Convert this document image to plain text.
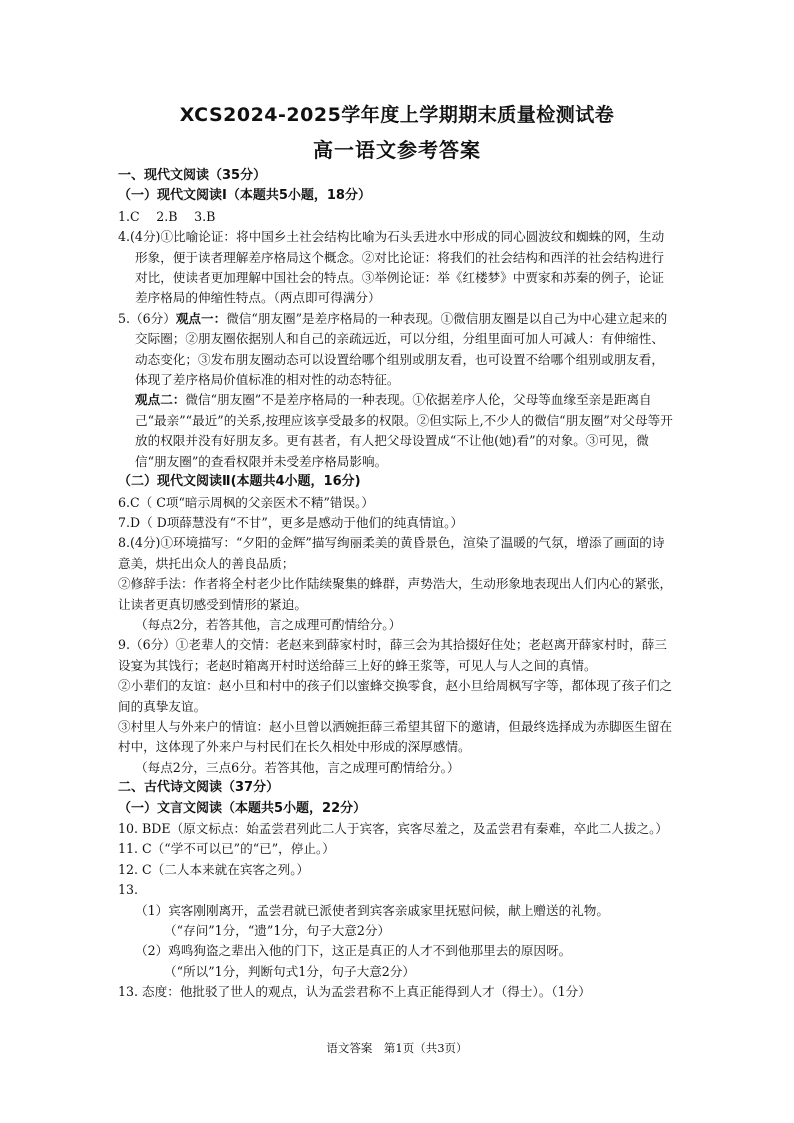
XCS2024-2025学年度上学期期末质量检测试卷
高一语文参考答案

一、现代文阅读（35分）

（一）现代文阅读Ⅰ（本题共5小题，18分）

1.C　 2.B　 3.B

4.(4分)①比喻论证：将中国乡土社会结构比喻为石头丢进水中形成的同心圆波纹和蜘蛛的网，生动形象，便于读者理解差序格局这个概念。②对比论证：将我们的社会结构和西洋的社会结构进行对比，使读者更加理解中国社会的特点。③举例论证：举《红楼梦》中贾家和苏秦的例子，论证差序格局的伸缩性特点。（两点即可得满分）

5.（6分）观点一：微信“朋友圈”是差序格局的一种表现。①微信朋友圈是以自己为中心建立起来的交际圈；②朋友圈依据别人和自己的亲疏远近，可以分组，分组里面可加人可减人：有伸缩性、动态变化；③发布朋友圈动态可以设置给哪个组别或朋友看，也可设置不给哪个组别或朋友看，体现了差序格局价值标准的相对性的动态特征。

观点二：微信“朋友圈”不是差序格局的一种表现。①依据差序人伦，父母等血缘至亲是距离自己“最亲”“最近”的关系,按理应该享受最多的权限。②但实际上,不少人的微信“朋友圈”对父母等开放的权限并没有好朋友多。更有甚者，有人把父母设置成“不让他(她)看”的对象。③可见，微信“朋友圈”的查看权限并未受差序格局影响。

（二）现代文阅读Ⅱ(本题共4小题，16分)

6.C（ C项“暗示周枫的父亲医术不精”错误。）

7.D（ D项薛慧没有“不甘”，更多是感动于他们的纯真情谊。）

8.(4分)①环境描写：“夕阳的金辉”描写绚丽柔美的黄昏景色，渲染了温暖的气氛，增添了画面的诗意美，烘托出众人的善良品质；

②修辞手法：作者将全村老少比作陆续聚集的蜂群，声势浩大，生动形象地表现出人们内心的紧张，让读者更真切感受到情形的紧迫。

（每点2分，若答其他，言之成理可酌情给分。）

9.（6分）①老辈人的交情：老赵来到薛家村时，薛三会为其拾掇好住处；老赵离开薛家村时，薛三设宴为其饯行；老赵时箱离开村时送给薛三上好的蜂王浆等，可见人与人之间的真情。

②小辈们的友谊：赵小旦和村中的孩子们以蜜蜂交换零食，赵小旦给周枫写字等，都体现了孩子们之间的真挚友谊。

③村里人与外来户的情谊：赵小旦曾以洒婉拒薛三希望其留下的邀请，但最终选择成为赤脚医生留在村中，这体现了外来户与村民们在长久相处中形成的深厚感情。

（每点2分，三点6分。若答其他，言之成理可酌情给分。）

二、古代诗文阅读（37分）

（一）文言文阅读（本题共5小题，22分）

10. BDE（原文标点：始孟尝君列此二人于宾客，宾客尽羞之，及孟尝君有秦难，卒此二人拔之。）

11. C（“学不可以已”的“已”，停止。）

12. C（二人本来就在宾客之列。）

13.

（1）宾客刚刚离开，孟尝君就已派使者到宾客亲戚家里抚慰问候，献上赠送的礼物。

（“存问”1分，“遗”1分，句子大意2分）

（2）鸡鸣狗盗之辈出入他的门下，这正是真正的人才不到他那里去的原因呀。

（“所以”1分，判断句式1分，句子大意2分）

13. 态度：他批驳了世人的观点，认为孟尝君称不上真正能得到人才（得士）。（1分）

语文答案　第1页（共3页）
